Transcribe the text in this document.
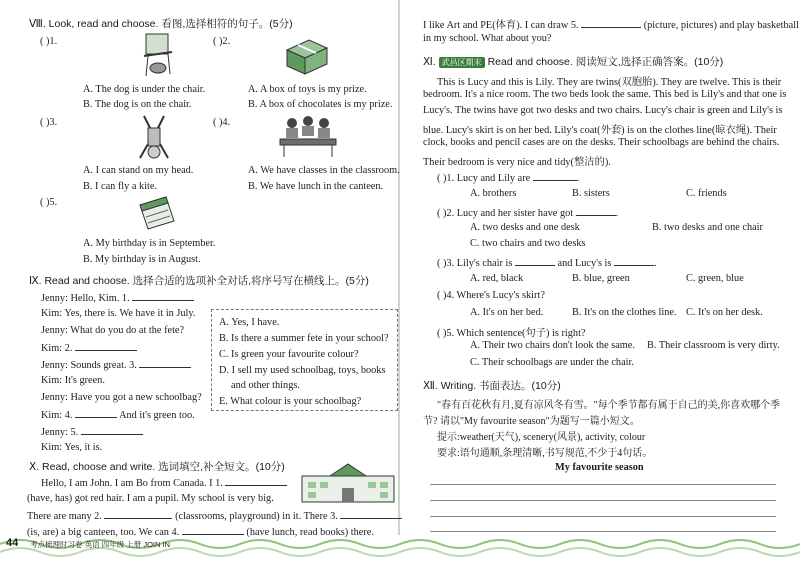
Ⅷ. Look, read and choose. 看图,选择相符的句子。(5分)
( )1.
A. The dog is under the chair.
B. The dog is on the chair.
( )2.
A. A box of toys is my prize.
B. A box of chocolates is my prize.
( )3.
A. I can stand on my head.
B. I can fly a kite.
( )4.
A. We have classes in the classroom.
B. We have lunch in the canteen.
( )5.
A. My birthday is in September.
B. My birthday is in August.
Ⅸ. Read and choose. 选择合适的选项补全对话,将序号写在横线上。(5分)
Jenny: Hello, Kim. 1.
Kim: Yes, there is. We have it in July.
Jenny: What do you do at the fete?
Kim: 2.
Jenny: Sounds great. 3.
Kim: It's green.
Jenny: Have you got a new schoolbag?
Kim: 4.	And it's green too.
Jenny: 5.
Kim: Yes, it is.
A. Yes, I have.
B. Is there a summer fete in your school?
C. Is green your favourite colour?
D. I sell my used schoolbag, toys, books
and other things.
E. What colour is your schoolbag?
Ⅹ. Read, choose and write. 选词填空,补全短文。(10分)
Hello, I am John. I am Bo from Canada. I 1.
(have, has) got red hair. I am a pupil. My school is very big.
There are many 2.	(classrooms, playground) in it. There 3.
(is, are) a big canteen, too. We can 4.	(have lunch, read books) there.
44 考点梳理时习卷 英语 四年级 上册 JOIN IN
I like Art and PE(体育). I can draw 5.	(picture, pictures) and play basketball
in my school. What about you?
Ⅺ. 武昌区期末 Read and choose. 阅读短文,选择正确答案。(10分)
This is Lucy and this is Lily. They are twins(双胞胎). They are twelve. This is their
bedroom. It's a nice room. The two beds look the same. This bed is Lily's and that one is
Lucy's. The twins have got two desks and two chairs. Lucy's chair is green and Lily's is
blue. Lucy's skirt is on her bed. Lily's coat(外套) is on the clothes line(晾衣绳). Their
clock, books and pencil cases are on the desks. Their schoolbags are behind the chairs.
Their bedroom is very nice and tidy(整洁的).
( )1. Lucy and Lily are	.
A. brothers	B. sisters	C. friends
( )2. Lucy and her sister have got	.
A. two desks and one desk	B. two desks and one chair
C. two chairs and two desks
( )3. Lily's chair is	and Lucy's is	.
A. red, black	B. blue, green	C. green, blue
( )4. Where's Lucy's skirt?
A. It's on her bed.	B. It's on the clothes line. C. It's on her desk.
( )5. Which sentence(句子) is right?
A. Their two chairs don't look the same. B. Their classroom is very dirty.
C. Their schoolbags are under the chair.
Ⅻ. Writing. 书面表达。(10分)
"春有百花秋有月,夏有凉风冬有雪。"每个季节都有属于自己的美,你喜欢哪个季
节? 请以"My favourite season"为题写一篇小短文。
提示:weather(天气), scenery(风景), activity, colour
要求:语句通顺,条理清晰,书写规范,不少于4句话。
My favourite season
